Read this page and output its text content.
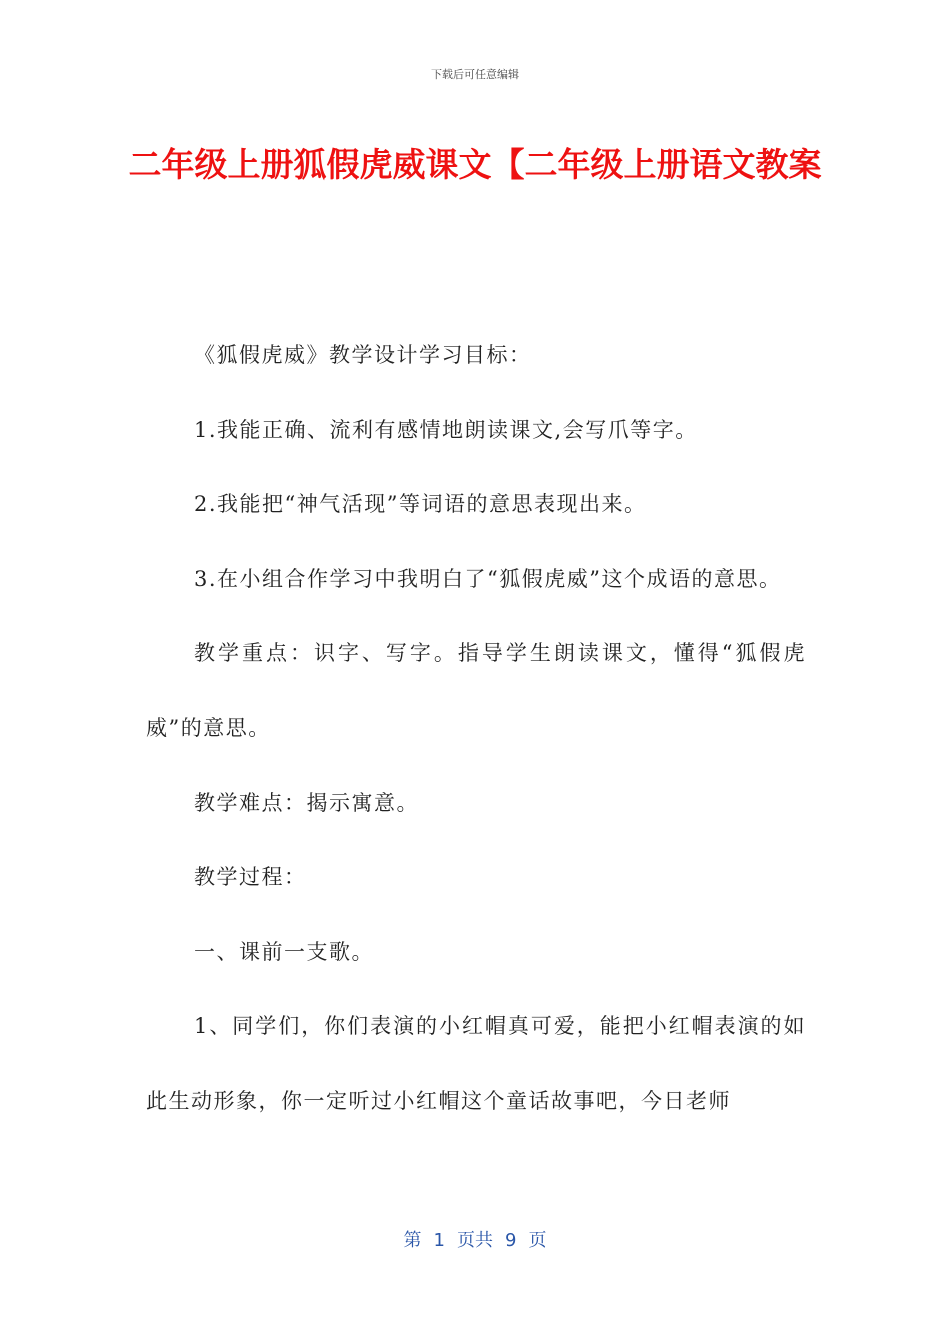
下载后可任意编辑
二年级上册狐假虎威课文【二年级上册语文教案

《狐假虎威》教学设计学习目标：

1.我能正确、流利有感情地朗读课文,会写爪等字。

2.我能把“神气活现”等词语的意思表现出来。

3.在小组合作学习中我明白了“狐假虎威”这个成语的意思。

教学重点：识字、写字。指导学生朗读课文，懂得“狐假虎威”的意思。

教学难点：揭示寓意。

教学过程：

一、课前一支歌。

1、同学们，你们表演的小红帽真可爱，能把小红帽表演的如此生动形象，你一定听过小红帽这个童话故事吧，今日老师

第 1 页共 9 页
